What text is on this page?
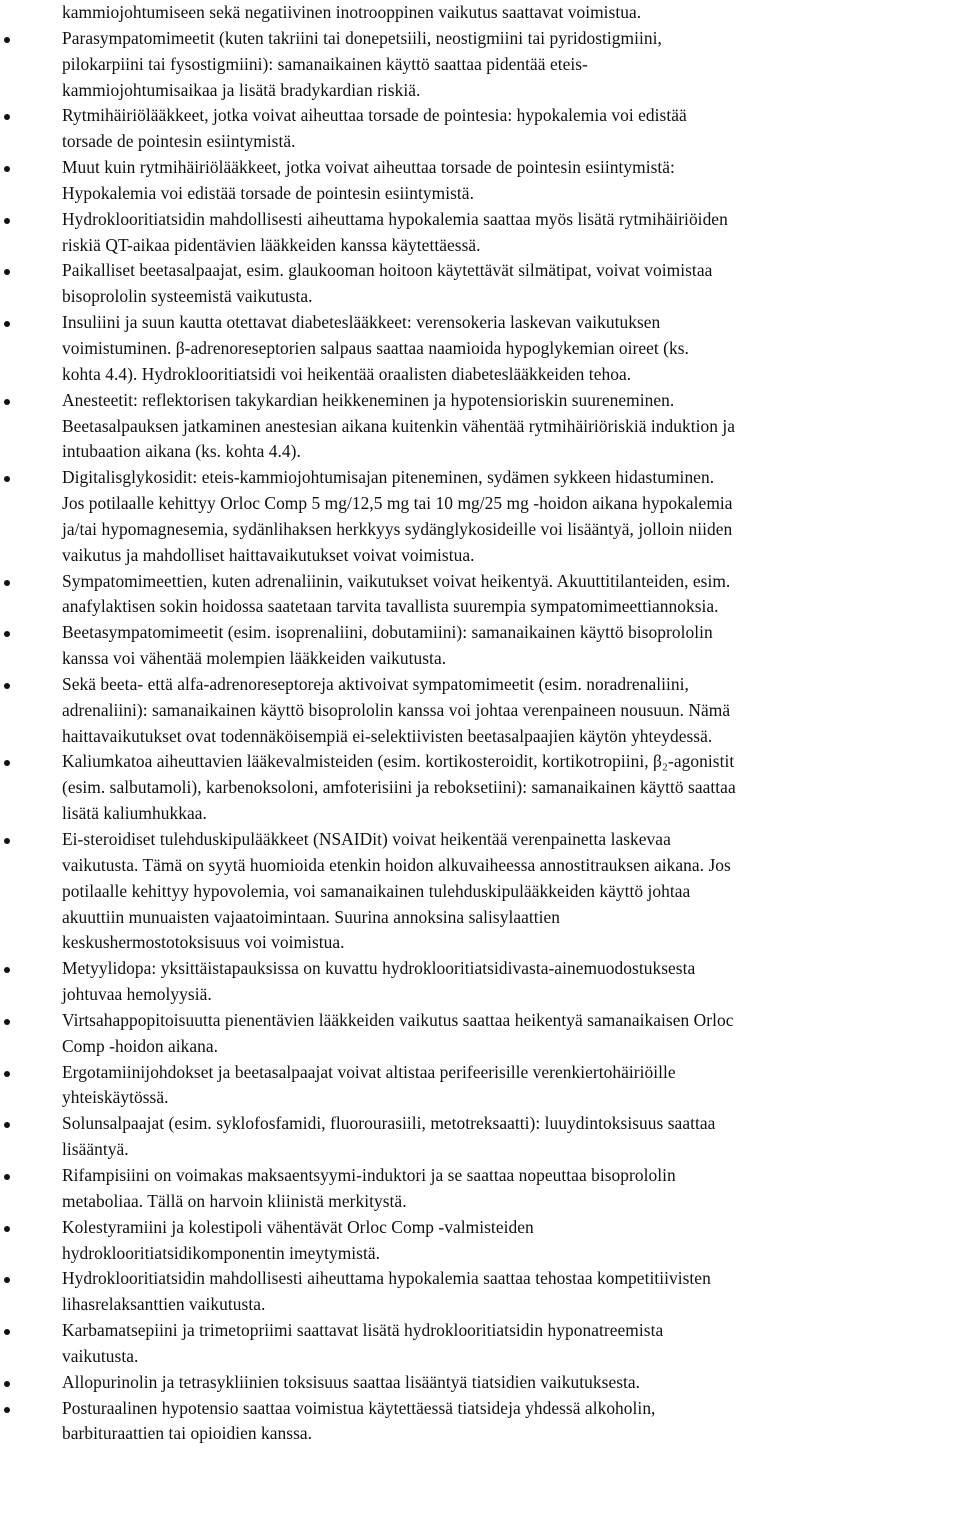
kammiojohtumiseen sekä negatiivinen inotrooppinen vaikutus saattavat voimistua.
Parasympatomimeetit (kuten takriini tai donepetsiili, neostigmiini tai pyridostigmiini,
pilokarpiini tai fysostigmiini): samanaikainen käyttö saattaa pidentää eteis-
kammiojohtumisaikaa ja lisätä bradykardian riskiä.
Rytmihäiriölääkkeet, jotka voivat aiheuttaa torsade de pointesia: hypokalemia voi edistää
torsade de pointesin esiintymistä.
Muut kuin rytmihäiriölääkkeet, jotka voivat aiheuttaa torsade de pointesin esiintymistä:
Hypokalemia voi edistää torsade de pointesin esiintymistä.
Hydroklooritiatsidin mahdollisesti aiheuttama hypokalemia saattaa myös lisätä rytmihäiriöiden
riskiä QT-aikaa pidentävien lääkkeiden kanssa käytettäessä.
Paikalliset beetasalpaajat, esim. glaukooman hoitoon käytettävät silmätipat, voivat voimistaa
bisoprololin systeemistä vaikutusta.
Insuliini ja suun kautta otettavat diabeteslääkkeet: verensokeria laskevan vaikutuksen
voimistuminen. β-adrenoreseptorien salpaus saattaa naamioida hypoglykemian oireet (ks.
kohta 4.4). Hydroklooritiatsidi voi heikentää oraalisten diabeteslääkkeiden tehoa.
Anesteetit: reflektorisen takykardian heikkeneminen ja hypotensioriskin suureneminen.
Beetasalpauksen jatkaminen anestesian aikana kuitenkin vähentää rytmihäiriöriskiä induktion ja
intubaation aikana (ks. kohta 4.4).
Digitalisglykosidit: eteis-kammiojohtumisajan piteneminen, sydämen sykkeen hidastuminen.
Jos potilaalle kehittyy Orloc Comp 5 mg/12,5 mg tai 10 mg/25 mg -hoidon aikana hypokalemia
ja/tai hypomagnesemia, sydänlihaksen herkkyys sydänglykosideille voi lisääntyä, jolloin niiden
vaikutus ja mahdolliset haittavaikutukset voivat voimistua.
Sympatomimeettien, kuten adrenaliinin, vaikutukset voivat heikentyä. Akuuttitilanteiden, esim.
anafylaktisen sokin hoidossa saatetaan tarvita tavallista suurempia sympatomimeettiannoksia.
Beetasympatomimeetit (esim. isoprenaliini, dobutamiini): samanaikainen käyttö bisoprololin
kanssa voi vähentää molempien lääkkeiden vaikutusta.
Sekä beeta- että alfa-adrenoreseptoreja aktivoivat sympatomimeetit (esim. noradrenaliini,
adrenaliini): samanaikainen käyttö bisoprololin kanssa voi johtaa verenpaineen nousuun. Nämä
haittavaikutukset ovat todennäköisempiä ei-selektiivisten beetasalpaajien käytön yhteydessä.
Kaliumkatoa aiheuttavien lääkevalmisteiden (esim. kortikosteroidit, kortikotropiini, β₂-agonistit
(esim. salbutamoli), karbenoksoloni, amfoterisiini ja reboksetiini): samanaikainen käyttö saattaa
lisätä kaliumhukkaa.
Ei-steroidiset tulehduskipulääkkeet (NSAIDit) voivat heikentää verenpainetta laskevaa
vaikutusta. Tämä on syytä huomioida etenkin hoidon alkuvaiheessa annostitrauksen aikana. Jos
potilaalle kehittyy hypovolemia, voi samanaikainen tulehduskipulääkkeiden käyttö johtaa
akuuttiin munuaisten vajaatoimintaan. Suurina annoksina salisylaattien
keskushermostotoksisuus voi voimistua.
Metyylidopa: yksittäistapauksissa on kuvattu hydroklooritiatsidivasta-ainemuodostuksesta
johtuvaa hemolyysiä.
Virtsahappopitoisuutta pienentävien lääkkeiden vaikutus saattaa heikentyä samanaikaisen Orloc
Comp -hoidon aikana.
Ergotamiinijohdokset ja beetasalpaajat voivat altistaa perifeerisille verenkiertohäiriöille
yhteiskäytössä.
Solunsalpaajat (esim. syklofosfamidi, fluorourasiili, metotreksaatti): luuydintoksisuus saattaa
lisääntyä.
Rifampisiini on voimakas maksaentsyymi-induktori ja se saattaa nopeuttaa bisoprololin
metaboliaa. Tällä on harvoin kliinistä merkitystä.
Kolestyramiini ja kolestipoli vähentävät Orloc Comp -valmisteiden
hydroklooritiatsidikomponentin imeytymistä.
Hydroklooritiatsidin mahdollisesti aiheuttama hypokalemia saattaa tehostaa kompetitiivisten
lihasrelaksanttien vaikutusta.
Karbamatsepiini ja trimetopriimi saattavat lisätä hydroklooritiatsidin hyponatreemista
vaikutusta.
Allopurinolin ja tetrasykliinien toksisuus saattaa lisääntyä tiatsidien vaikutuksesta.
Posturaalinen hypotensio saattaa voimistua käytettäessä tiatsideja yhdessä alkoholin,
barbituraattien tai opioidien kanssa.
